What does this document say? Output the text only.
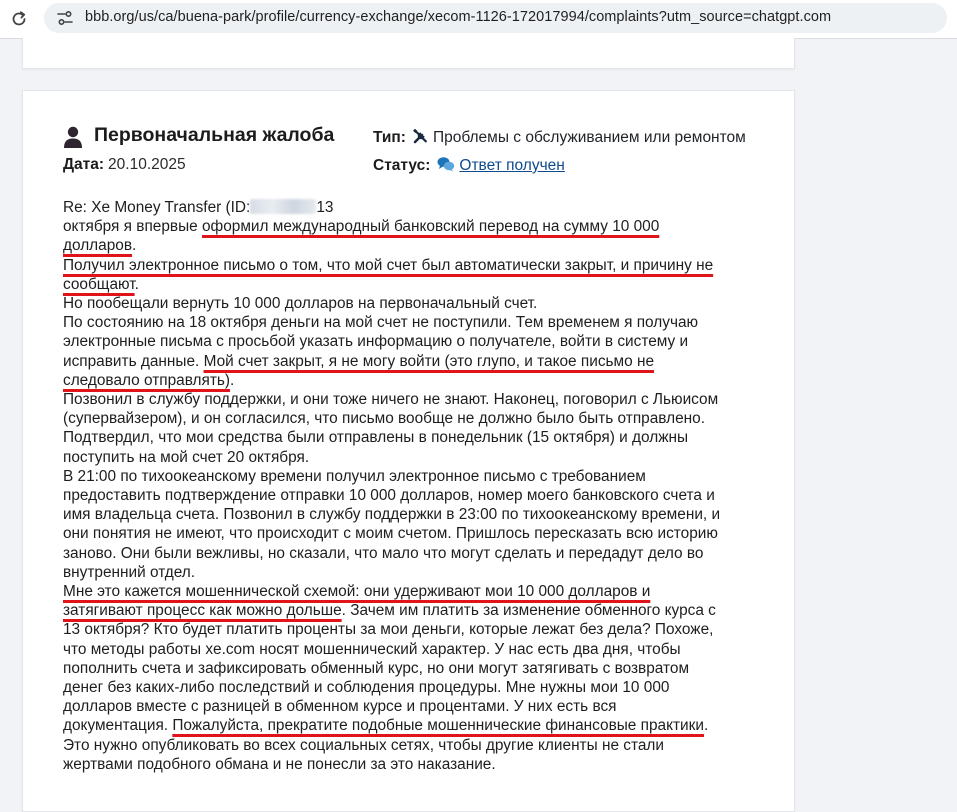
bbb.org/us/ca/buena-park/profile/currency-exchange/xecom-1126-172017994/complaints?utm_source=chatgpt.com
Первоначальная жалоба
Дата: 20.10.2025
Тип: Проблемы с обслуживанием или ремонтом
Статус: Ответ получен

Re: Xe Money Transfer (ID:	13

октября я впервые оформил международный банковский перевод на сумму 10 000 долларов.

Получил электронное письмо о том, что мой счет был автоматически закрыт, и причину не сообщают.

Но пообещали вернуть 10 000 долларов на первоначальный счет.

По состоянию на 18 октября деньги на мой счет не поступили. Тем временем я получаю электронные письма с просьбой указать информацию о получателе, войти в систему и исправить данные. Мой счет закрыт, я не могу войти (это глупо, и такое письмо не следовало отправлять).

Позвонил в службу поддержки, и они тоже ничего не знают. Наконец, поговорил с Льюисом (супервайзером), и он согласился, что письмо вообще не должно было быть отправлено. Подтвердил, что мои средства были отправлены в понедельник (15 октября) и должны поступить на мой счет 20 октября.

В 21:00 по тихоокеанскому времени получил электронное письмо с требованием предоставить подтверждение отправки 10 000 долларов, номер моего банковского счета и имя владельца счета. Позвонил в службу поддержки в 23:00 по тихоокеанскому времени, и они понятия не имеют, что происходит с моим счетом. Пришлось пересказать всю историю заново. Они были вежливы, но сказали, что мало что могут сделать и передадут дело во внутренний отдел.

Мне это кажется мошеннической схемой: они удерживают мои 10 000 долларов и затягивают процесс как можно дольше. Зачем им платить за изменение обменного курса с 13 октября? Кто будет платить проценты за мои деньги, которые лежат без дела? Похоже, что методы работы xe.com носят мошеннический характер. У нас есть два дня, чтобы пополнить счета и зафиксировать обменный курс, но они могут затягивать с возвратом денег без каких-либо последствий и соблюдения процедуры. Мне нужны мои 10 000 долларов вместе с разницей в обменном курсе и процентами. У них есть вся документация. Пожалуйста, прекратите подобные мошеннические финансовые практики. Это нужно опубликовать во всех социальных сетях, чтобы другие клиенты не стали жертвами подобного обмана и не понесли за это наказание.
